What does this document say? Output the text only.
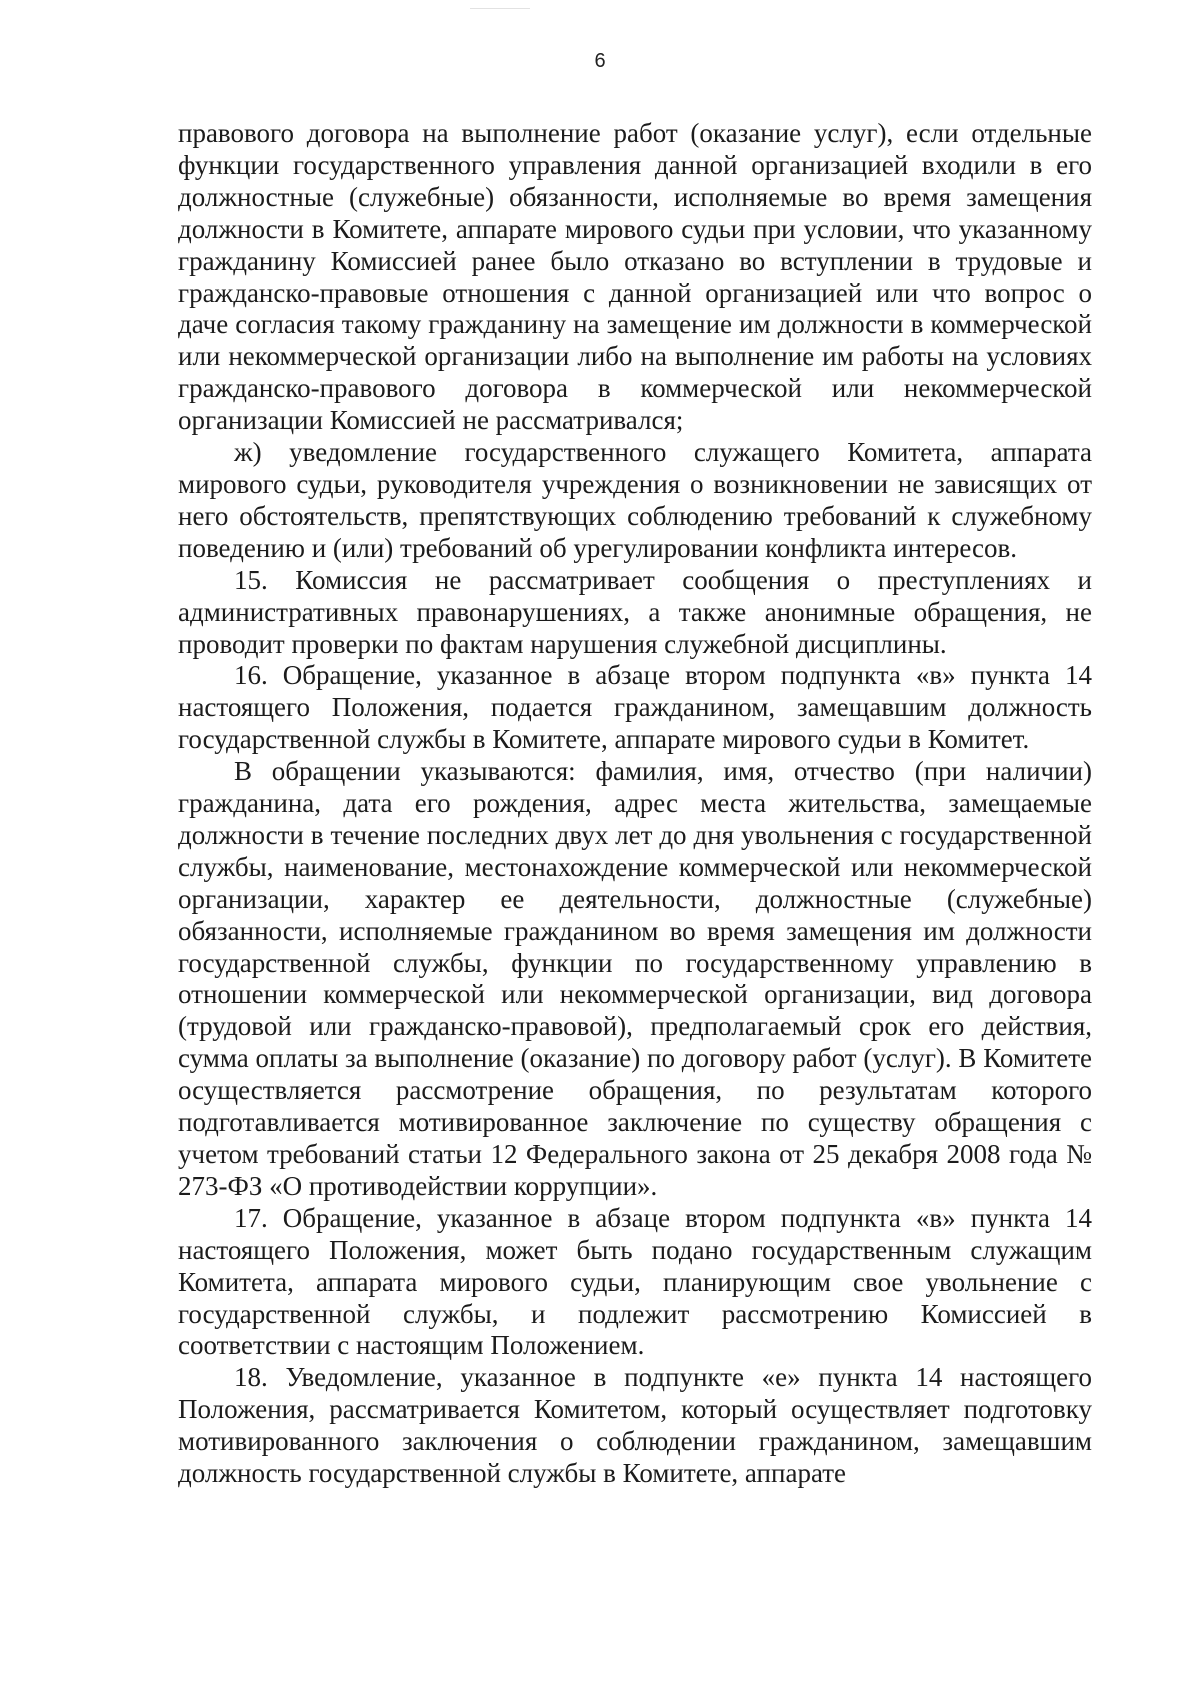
6

правового договора на выполнение работ (оказание услуг), если отдельные функции государственного управления данной организацией входили в его должностные (служебные) обязанности, исполняемые во время замещения должности в Комитете, аппарате мирового судьи при условии, что указанному гражданину Комиссией ранее было отказано во вступлении в трудовые и гражданско-правовые отношения с данной организацией или что вопрос о даче согласия такому гражданину на замещение им должности в коммерческой или некоммерческой организации либо на выполнение им работы на условиях гражданско-правового договора в коммерческой или некоммерческой организации Комиссией не рассматривался;

ж) уведомление государственного служащего Комитета, аппарата мирового судьи, руководителя учреждения о возникновении не зависящих от него обстоятельств, препятствующих соблюдению требований к служебному поведению и (или) требований об урегулировании конфликта интересов.

15. Комиссия не рассматривает сообщения о преступлениях и административных правонарушениях, а также анонимные обращения, не проводит проверки по фактам нарушения служебной дисциплины.

16. Обращение, указанное в абзаце втором подпункта «в» пункта 14 настоящего Положения, подается гражданином, замещавшим должность государственной службы в Комитете, аппарате мирового судьи в Комитет.

В обращении указываются: фамилия, имя, отчество (при наличии) гражданина, дата его рождения, адрес места жительства, замещаемые должности в течение последних двух лет до дня увольнения с государственной службы, наименование, местонахождение коммерческой или некоммерческой организации, характер ее деятельности, должностные (служебные) обязанности, исполняемые гражданином во время замещения им должности государственной службы, функции по государственному управлению в отношении коммерческой или некоммерческой организации, вид договора (трудовой или гражданско-правовой), предполагаемый срок его действия, сумма оплаты за выполнение (оказание) по договору работ (услуг). В Комитете осуществляется рассмотрение обращения, по результатам которого подготавливается мотивированное заключение по существу обращения с учетом требований статьи 12 Федерального закона от 25 декабря 2008 года № 273-ФЗ «О противодействии коррупции».

17. Обращение, указанное в абзаце втором подпункта «в» пункта 14 настоящего Положения, может быть подано государственным служащим Комитета, аппарата мирового судьи, планирующим свое увольнение с государственной службы, и подлежит рассмотрению Комиссией в соответствии с настоящим Положением.

18. Уведомление, указанное в подпункте «е» пункта 14 настоящего Положения, рассматривается Комитетом, который осуществляет подготовку мотивированного заключения о соблюдении гражданином, замещавшим должность государственной службы в Комитете, аппарате
